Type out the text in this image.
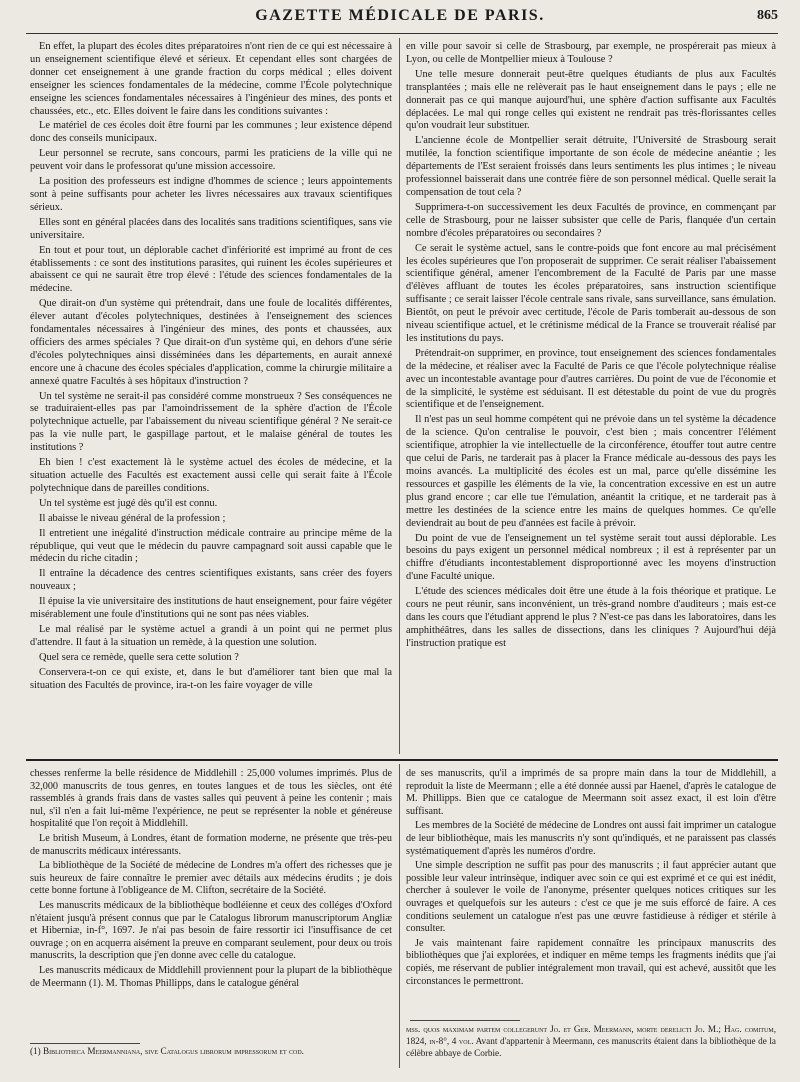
GAZETTE MÉDICALE DE PARIS.	865

En effet, la plupart des écoles dites préparatoires n'ont rien de ce qui est nécessaire à un enseignement scientifique élevé et sérieux. Et cependant elles sont chargées de donner cet enseignement à une grande fraction du corps médical ; elles doivent enseigner les sciences fondamentales de la médecine, comme l'École polytechnique enseigne les sciences fondamentales nécessaires à l'ingénieur des mines, des ponts et chaussées, etc., etc. Elles doivent le faire dans les conditions suivantes :

Le matériel de ces écoles doit être fourni par les communes ; leur existence dépend donc des conseils municipaux.

Leur personnel se recrute, sans concours, parmi les praticiens de la ville qui ne peuvent voir dans le professorat qu'une mission accessoire.

La position des professeurs est indigne d'hommes de science ; leurs appointements sont à peine suffisants pour acheter les livres nécessaires aux travaux scientifiques sérieux.

Elles sont en général placées dans des localités sans traditions scientifiques, sans vie universitaire.

En tout et pour tout, un déplorable cachet d'infériorité est imprimé au front de ces établissements : ce sont des institutions parasites, qui ruinent les écoles supérieures et abaissent ce qui ne saurait être trop élevé : l'étude des sciences fondamentales de la médecine.

Que dirait-on d'un système qui prétendrait, dans une foule de localités différentes, élever autant d'écoles polytechniques, destinées à l'enseignement des sciences fondamentales nécessaires à l'ingénieur des mines, des ponts et chaussées, aux officiers des armes spéciales ? Que dirait-on d'un système qui, en dehors d'une série d'écoles polytechniques ainsi disséminées dans les départements, en aurait annexé encore une à chacune des écoles spéciales d'application, comme la chirurgie militaire a annexé quatre Facultés à ses hôpitaux d'instruction ?

Un tel système ne serait-il pas considéré comme monstrueux ? Ses conséquences ne se traduiraient-elles pas par l'amoindrissement de la sphère d'action de l'École polytechnique actuelle, par l'abaissement du niveau scientifique général ? Ne serait-ce pas la vie nulle part, le gaspillage partout, et le malaise général de toutes les institutions ?

Eh bien ! c'est exactement là le système actuel des écoles de médecine, et la situation actuelle des Facultés est exactement aussi celle qui serait faite à l'École polytechnique dans de pareilles conditions.

Un tel système est jugé dès qu'il est connu.

Il abaisse le niveau général de la profession ;

Il entretient une inégalité d'instruction médicale contraire au principe même de la république, qui veut que le médecin du pauvre campagnard soit aussi capable que le médecin du riche citadin ;

Il entraîne la décadence des centres scientifiques existants, sans créer des foyers nouveaux ;

Il épuise la vie universitaire des institutions de haut enseignement, pour faire végéter misérablement une foule d'institutions qui ne sont pas nées viables.

Le mal réalisé par le système actuel a grandi à un point qui ne permet plus d'attendre. Il faut à la situation un remède, à la question une solution.

Quel sera ce remède, quelle sera cette solution ?

Conservera-t-on ce qui existe, et, dans le but d'améliorer tant bien que mal la situation des Facultés de province, ira-t-on les faire voyager de ville

en ville pour savoir si celle de Strasbourg, par exemple, ne prospérerait pas mieux à Lyon, ou celle de Montpellier mieux à Toulouse ?

Une telle mesure donnerait peut-être quelques étudiants de plus aux Facultés transplantées ; mais elle ne relèverait pas le haut enseignement dans le pays ; elle ne donnerait pas ce qui manque aujourd'hui, une sphère d'action suffisante aux Facultés déplacées. Le mal qui ronge celles qui existent ne rendrait pas très-florissantes celles qu'on voudrait leur substituer.

L'ancienne école de Montpellier serait détruite, l'Université de Strasbourg serait mutilée, la fonction scientifique importante de son école de médecine anéantie ; les départements de l'Est seraient froissés dans leurs sentiments les plus intimes ; le niveau professionnel baisserait dans une contrée fière de son personnel médical. Quelle serait la compensation de tout cela ?

Supprimera-t-on successivement les deux Facultés de province, en commençant par celle de Strasbourg, pour ne laisser subsister que celle de Paris, flanquée d'un certain nombre d'écoles préparatoires ou secondaires ?

Ce serait le système actuel, sans le contre-poids que font encore au mal précisément les écoles supérieures que l'on proposerait de supprimer. Ce serait réaliser l'abaissement scientifique général, amener l'encombrement de la Faculté de Paris par une masse d'élèves affluant de toutes les écoles préparatoires, sans instruction scientifique suffisante ; ce serait laisser l'école centrale sans rivale, sans surveillance, sans émulation. Bientôt, on peut le prévoir avec certitude, l'école de Paris tomberait au-dessous de son niveau scientifique actuel, et le crétinisme médical de la France se trouverait réalisé par les institutions du pays.

Prétendrait-on supprimer, en province, tout enseignement des sciences fondamentales de la médecine, et réaliser avec la Faculté de Paris ce que l'école polytechnique réalise avec un incontestable avantage pour d'autres carrières. Du point de vue de l'économie et de la simplicité, le système est séduisant. Il est détestable du point de vue du progrès scientifique et de l'enseignement.

Il n'est pas un seul homme compétent qui ne prévoie dans un tel système la décadence de la science. Qu'on centralise le pouvoir, c'est bien ; mais concentrer l'élément scientifique, atrophier la vie intellectuelle de la circonférence, étouffer tout autre centre que celui de Paris, ne tarderait pas à placer la France médicale au-dessous des pays les moins avancés. La multiplicité des écoles est un mal, parce qu'elle dissémine les ressources et gaspille les éléments de la vie, la concentration excessive en est un autre plus grand encore ; car elle tue l'émulation, anéantit la critique, et ne tarderait pas à mettre les destinées de la science entre les mains de quelques hommes. Ce qu'elle deviendrait au bout de peu d'années est facile à prévoir.

Du point de vue de l'enseignement un tel système serait tout aussi déplorable. Les besoins du pays exigent un personnel médical nombreux ; il est à représenter par un chiffre d'étudiants incontestablement disproportionné avec les moyens d'instruction d'une Faculté unique.

L'étude des sciences médicales doit être une étude à la fois théorique et pratique. Le cours ne peut réunir, sans inconvénient, un très-grand nombre d'auditeurs ; mais est-ce dans les cours que l'étudiant apprend le plus ? N'est-ce pas dans les laboratoires, dans les amphithéâtres, dans les salles de dissections, dans les cliniques ? Aujourd'hui déjà l'instruction pratique est

chesses renferme la belle résidence de Middlehill : 25,000 volumes imprimés. Plus de 32,000 manuscrits de tous genres, en toutes langues et de tous les siècles, ont été rassemblés à grands frais dans de vastes salles qui peuvent à peine les contenir ; mais nul, s'il n'en a fait lui-même l'expérience, ne peut se représenter la noble et généreuse hospitalité que l'on reçoit à Middlehill.

Le british Museum, à Londres, étant de formation moderne, ne présente que très-peu de manuscrits médicaux intéressants.

La bibliothèque de la Société de médecine de Londres m'a offert des richesses que je suis heureux de faire connaître le premier avec détails aux médecins érudits ; je dois cette bonne fortune à l'obligeance de M. Clifton, secrétaire de la Société.

Les manuscrits médicaux de la bibliothèque bodléienne et ceux des colléges d'Oxford n'étaient jusqu'à présent connus que par le Catalogus librorum manuscriptorum Angliæ et Hiberniæ, in-f°, 1697. Je n'ai pas besoin de faire ressortir ici l'insuffisance de cet ouvrage ; on en acquerra aisément la preuve en comparant seulement, pour deux ou trois manuscrits, la description que j'en donne avec celle du catalogue.

Les manuscrits médicaux de Middlehill proviennent pour la plupart de la bibliothèque de Meermann (1). M. Thomas Phillipps, dans le catalogue général

(1) Bibliotheca Meermanniana, sive Catalogus librorum impressorum et cod.

de ses manuscrits, qu'il a imprimés de sa propre main dans la tour de Middlehill, a reproduit la liste de Meermann ; elle a été donnée aussi par Haenel, d'après le catalogue de M. Phillipps. Bien que ce catalogue de Meermann soit assez exact, il est loin d'être suffisant.

Les membres de la Société de médecine de Londres ont aussi fait imprimer un catalogue de leur bibliothèque, mais les manuscrits n'y sont qu'indiqués, et ne paraissent pas classés systématiquement d'après les numéros d'ordre.

Une simple description ne suffit pas pour des manuscrits ; il faut apprécier autant que possible leur valeur intrinsèque, indiquer avec soin ce qui est exprimé et ce qui est inédit, chercher à soulever le voile de l'anonyme, présenter quelques notices critiques sur les ouvrages et quelquefois sur les auteurs : c'est ce que je me suis efforcé de faire. A ces conditions seulement un catalogue n'est pas une œuvre fastidieuse à rédiger et stérile à consulter.

Je vais maintenant faire rapidement connaître les principaux manuscrits des bibliothèques que j'ai explorées, et indiquer en même temps les fragments inédits que j'ai copiés, me réservant de publier intégralement mon travail, qui est achevé, aussitôt que les circonstances le permettront.

mss. quos maximam partem collegerunt Jo. et Ger. Meermann, morte derelicti Jo. M.; Hag. comitum, 1824, in-8°, 4 vol. Avant d'appartenir à Meermann, ces manuscrits étaient dans la bibliothèque de la célèbre abbaye de Corbie.
